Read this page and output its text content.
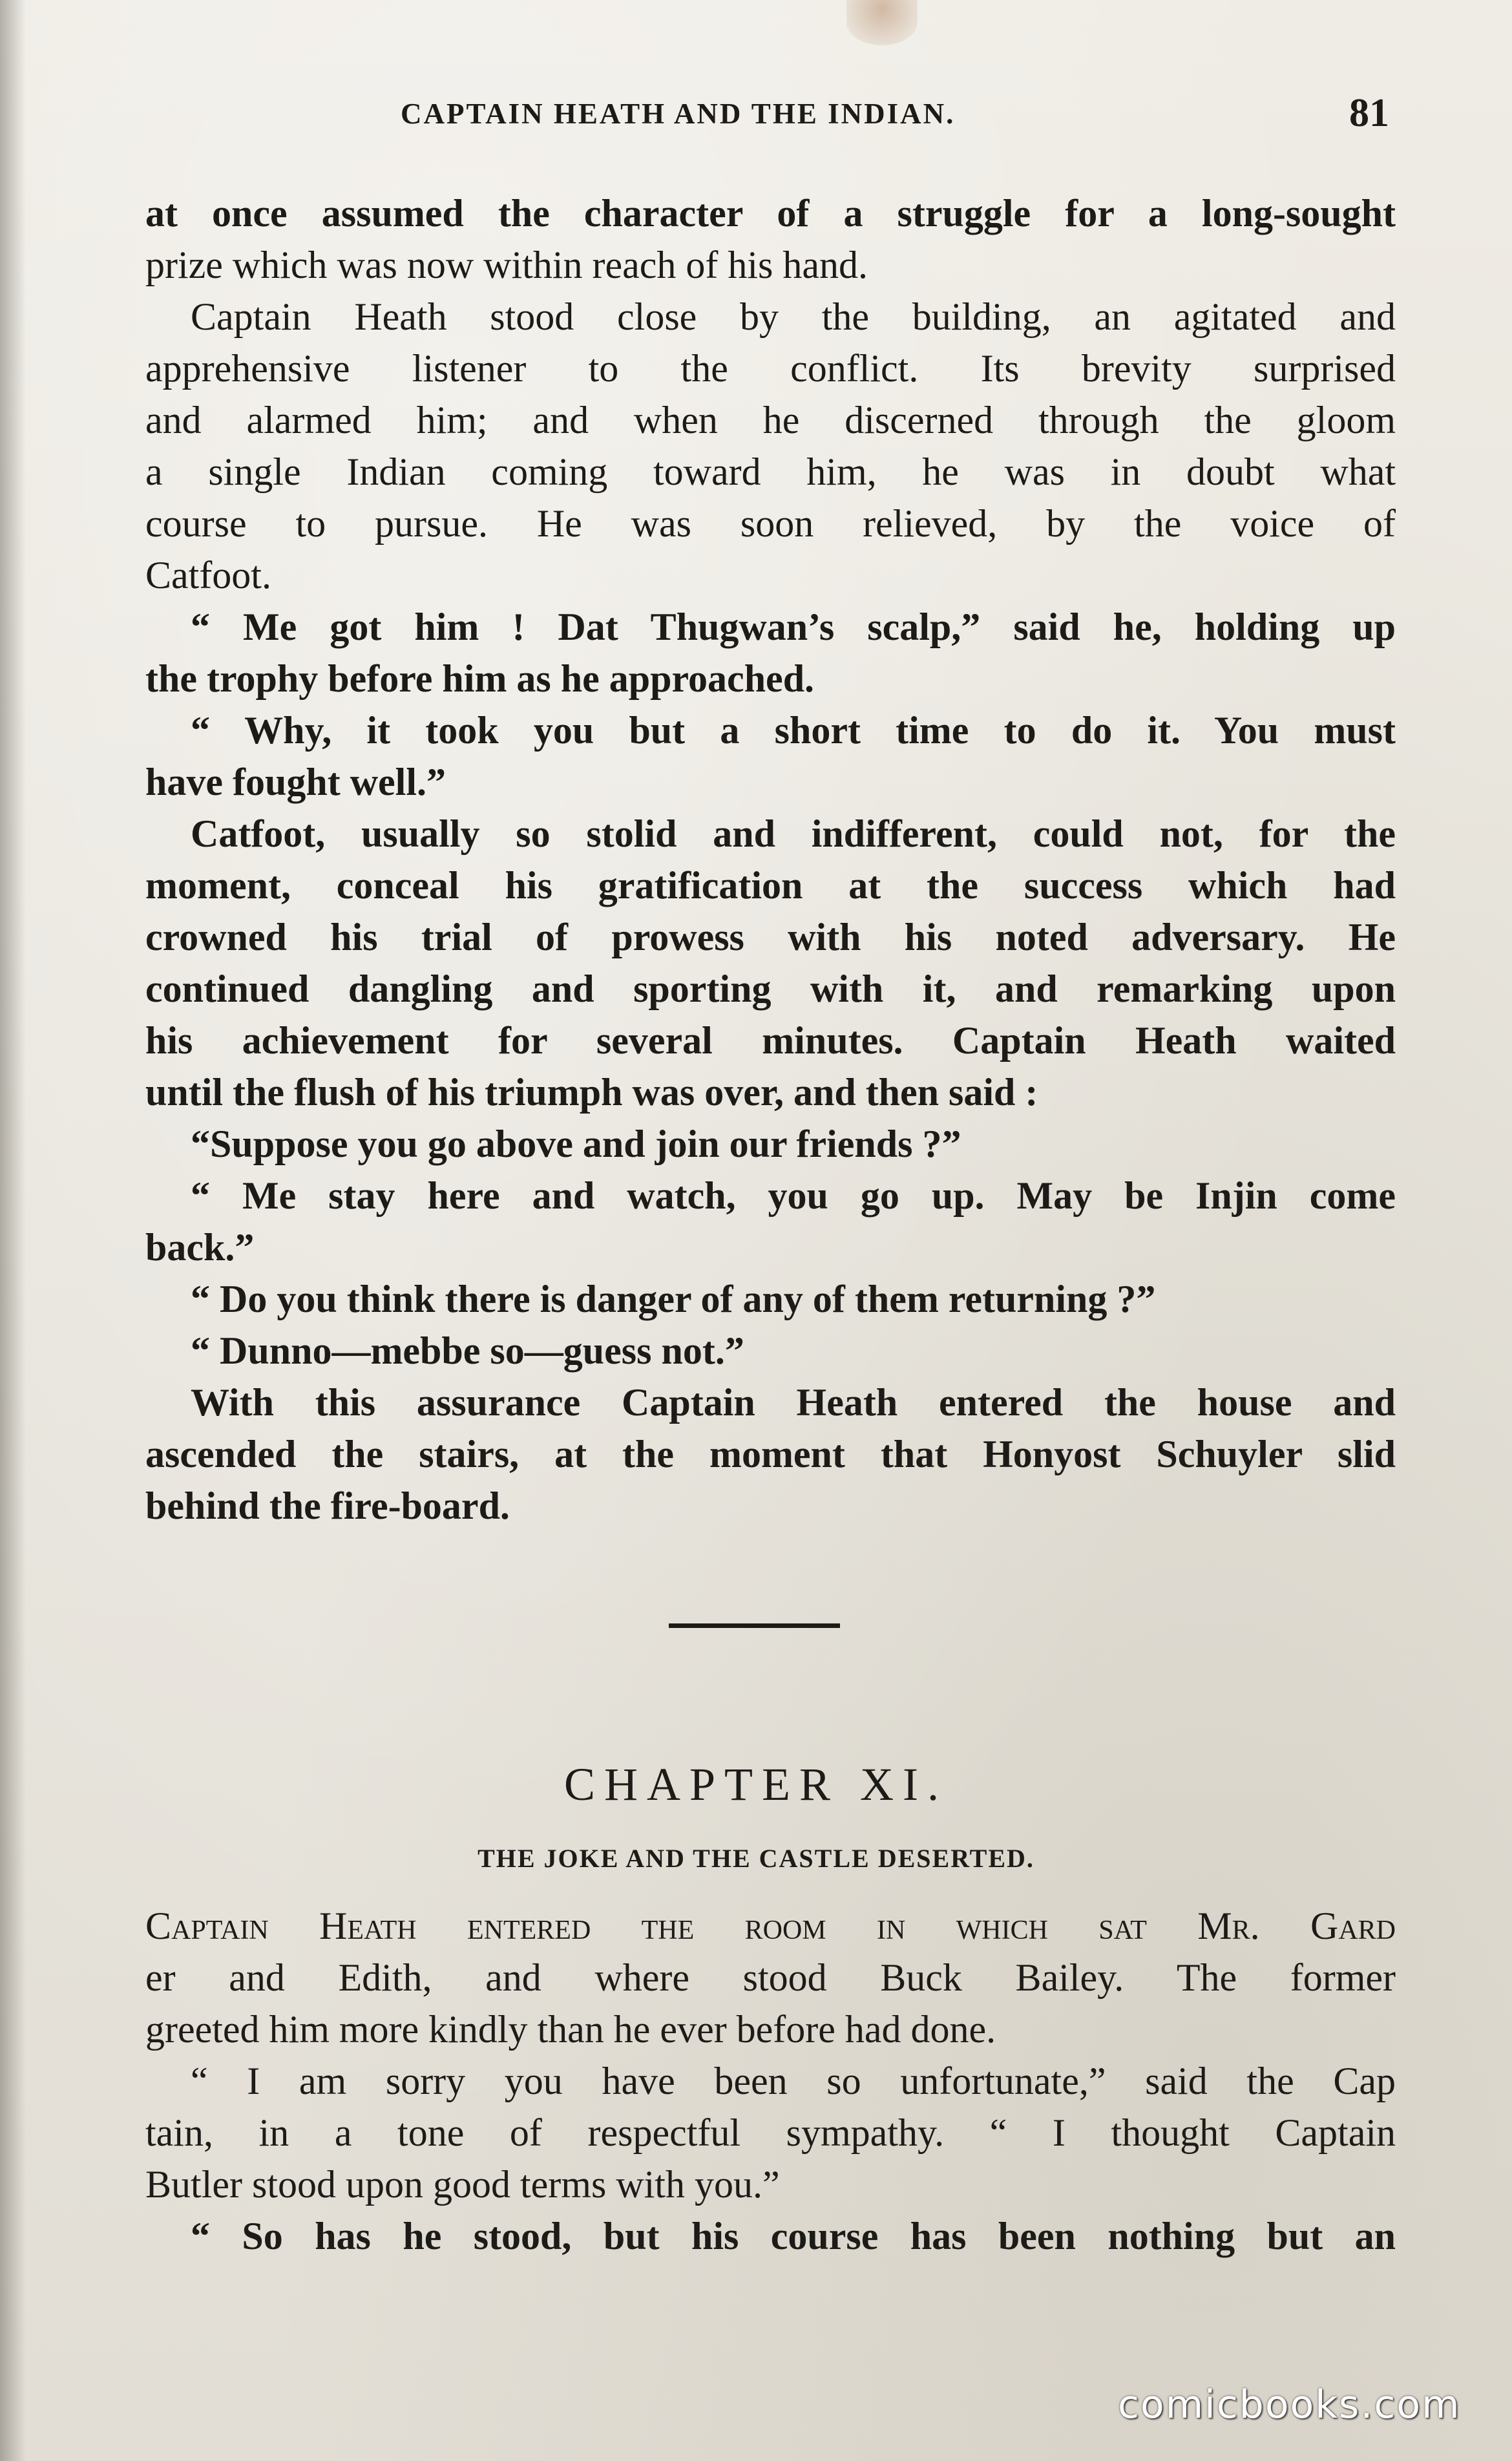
CAPTAIN HEATH AND THE INDIAN.	81
at once assumed the character of a struggle for a long-sought
prize which was now within reach of his hand.
Captain Heath stood close by the building, an agitated and
apprehensive listener to the conflict. Its brevity surprised
and alarmed him; and when he discerned through the gloom
a single Indian coming toward him, he was in doubt what
course to pursue. He was soon relieved, by the voice of
Catfoot.
“ Me got him ! Dat Thugwan’s scalp,” said he, holding up
the trophy before him as he approached.
“ Why, it took you but a short time to do it. You must
have fought well.”
Catfoot, usually so stolid and indifferent, could not, for the
moment, conceal his gratification at the success which had
crowned his trial of prowess with his noted adversary. He
continued dangling and sporting with it, and remarking upon
his achievement for several minutes. Captain Heath waited
until the flush of his triumph was over, and then said :
“Suppose you go above and join our friends ?”
“ Me stay here and watch, you go up. May be Injin come
back.”
“ Do you think there is danger of any of them returning ?”
“ Dunno—mebbe so—guess not.”
With this assurance Captain Heath entered the house and
ascended the stairs, at the moment that Honyost Schuyler slid
behind the fire-board.
CHAPTER XI.
THE JOKE AND THE CASTLE DESERTED.
Captain Heath entered the room in which sat Mr. Gard
er and Edith, and where stood Buck Bailey. The former
greeted him more kindly than he ever before had done.
“ I am sorry you have been so unfortunate,” said the Cap
tain, in a tone of respectful sympathy. “ I thought Captain
Butler stood upon good terms with you.”
“ So has he stood, but his course has been nothing but an
comicbooks.com
